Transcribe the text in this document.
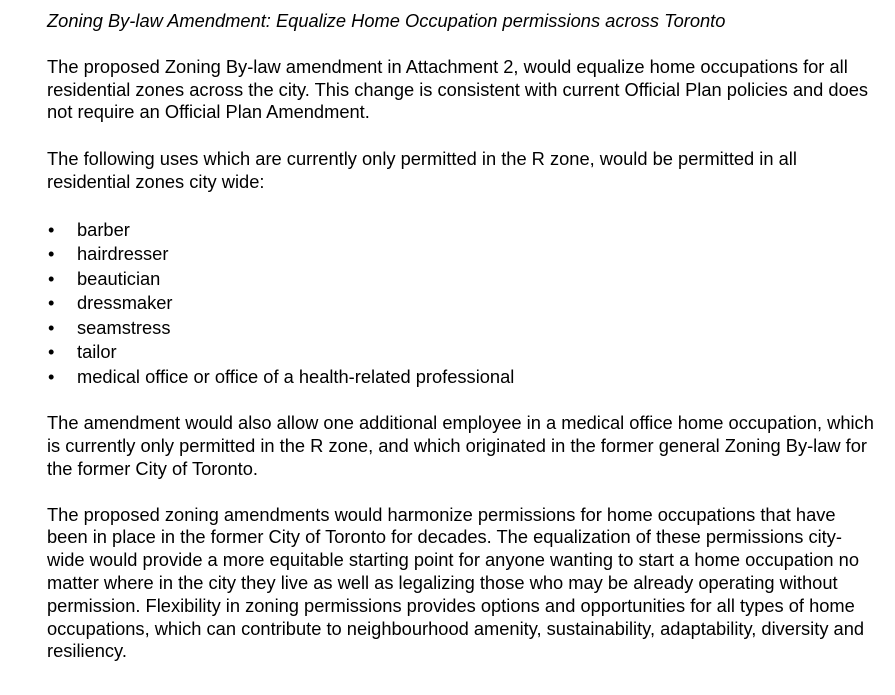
Zoning By-law Amendment: Equalize Home Occupation permissions across Toronto

The proposed Zoning By-law amendment in Attachment 2, would equalize home occupations for all residential zones across the city. This change is consistent with current Official Plan policies and does not require an Official Plan Amendment.

The following uses which are currently only permitted in the R zone, would be permitted in all residential zones city wide:

• barber
• hairdresser
• beautician
• dressmaker
• seamstress
• tailor
• medical office or office of a health-related professional

The amendment would also allow one additional employee in a medical office home occupation, which is currently only permitted in the R zone, and which originated in the former general Zoning By-law for the former City of Toronto.

The proposed zoning amendments would harmonize permissions for home occupations that have been in place in the former City of Toronto for decades. The equalization of these permissions city-wide would provide a more equitable starting point for anyone wanting to start a home occupation no matter where in the city they live as well as legalizing those who may be already operating without permission. Flexibility in zoning permissions provides options and opportunities for all types of home occupations, which can contribute to neighbourhood amenity, sustainability, adaptability, diversity and resiliency.
